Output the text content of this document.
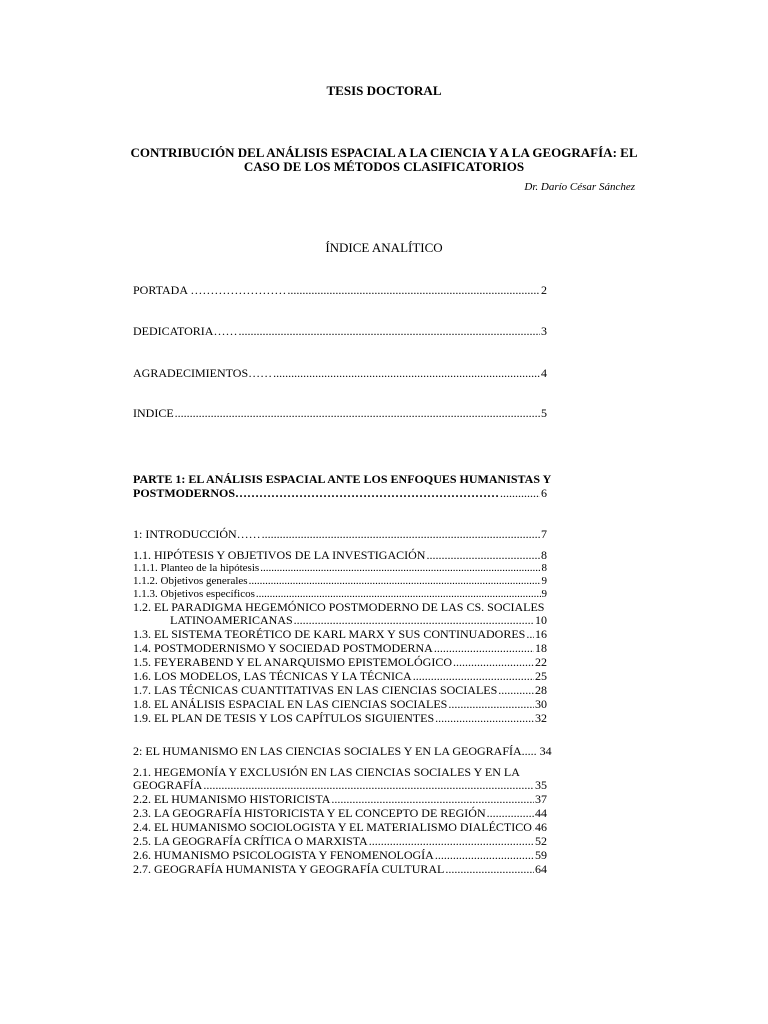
TESIS DOCTORAL
CONTRIBUCIÓN DEL ANÁLISIS ESPACIAL A LA CIENCIA Y A LA GEOGRAFÍA: EL
CASO DE LOS MÉTODOS CLASIFICATORIOS
Dr. Darío César Sánchez
ÍNDICE ANALÍTICO
PORTADA …………………… .....	2
DEDICATORIA…… .....	3
AGRADECIMIENTOS…… .....	4
INDICE .....	5
PARTE 1: EL ANÁLISIS ESPACIAL ANTE LOS ENFOQUES HUMANISTAS Y
POSTMODERNOS………………………………………………………… .....	6
1: INTRODUCCIÓN…… .....	7
1.1. HIPÓTESIS Y OBJETIVOS DE LA INVESTIGACIÓN .....	8
1.1.1. Planteo de la hipótesis .....	8
1.1.2. Objetivos generales .....	9
1.1.3. Objetivos específicos .....	9
1.2. EL PARADIGMA HEGEMÓNICO POSTMODERNO DE LAS CS. SOCIALES
LATINOAMERICANAS .....	10
1.3. EL SISTEMA TEORÉTICO DE KARL MARX Y SUS CONTINUADORES ..... 16
1.4. POSTMODERNISMO Y SOCIEDAD POSTMODERNA .....	18
1.5. FEYERABEND Y EL ANARQUISMO EPISTEMOLÓGICO .....	22
1.6. LOS MODELOS, LAS TÉCNICAS Y LA TÉCNICA .....	25
1.7. LAS TÉCNICAS CUANTITATIVAS EN LAS CIENCIAS SOCIALES .....	28
1.8. EL ANÁLISIS ESPACIAL EN LAS CIENCIAS SOCIALES .....	30
1.9. EL PLAN DE TESIS Y LOS CAPÍTULOS SIGUIENTES .....	32
2: EL HUMANISMO EN LAS CIENCIAS SOCIALES Y EN LA GEOGRAFÍA..... 34
2.1. HEGEMONÍA Y EXCLUSIÓN EN LAS CIENCIAS SOCIALES Y EN LA
GEOGRAFÍA .....	35
2.2. EL HUMANISMO HISTORICISTA .....	37
2.3. LA GEOGRAFÍA HISTORICISTA Y EL CONCEPTO DE REGIÓN .....	44
2.4. EL HUMANISMO SOCIOLOGISTA Y EL MATERIALISMO DIALÉCTICO ..... 46
2.5. LA GEOGRAFÍA CRÍTICA O MARXISTA .....	52
2.6. HUMANISMO PSICOLOGISTA Y FENOMENOLOGÍA .....	59
2.7. GEOGRAFÍA HUMANISTA Y GEOGRAFÍA CULTURAL .....	64
